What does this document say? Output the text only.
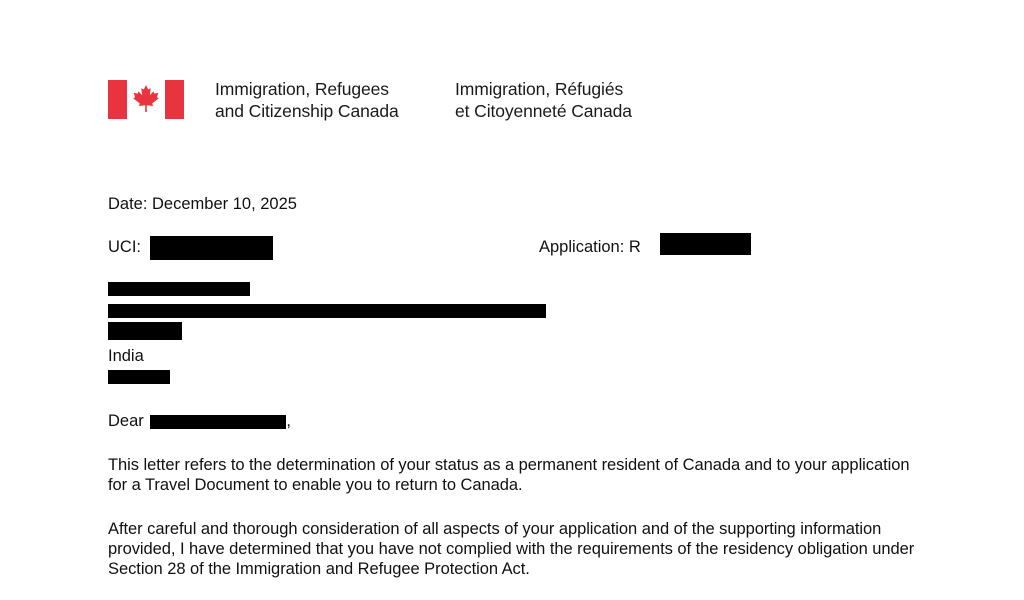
Immigration, Refugees
and Citizenship Canada
Immigration, Réfugiés
et Citoyenneté Canada
Date: December 10, 2025
UCI:	Application: R
India
Dear	,
This letter refers to the determination of your status as a permanent resident of Canada and to your application for a Travel Document to enable you to return to Canada.
After careful and thorough consideration of all aspects of your application and of the supporting information provided, I have determined that you have not complied with the requirements of the residency obligation under Section 28 of the Immigration and Refugee Protection Act.
